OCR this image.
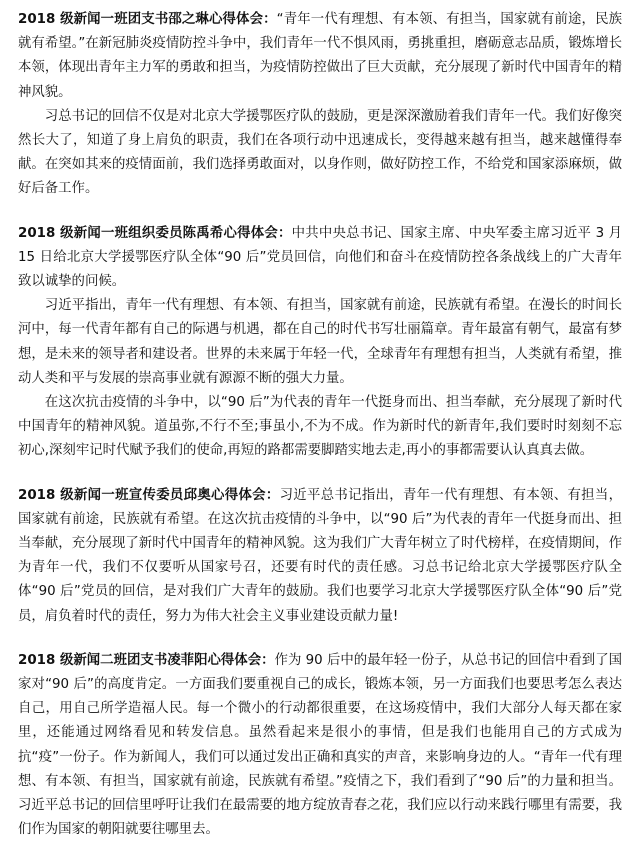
2018 级新闻一班团支书邵之琳心得体会：“青年一代有理想、有本领、有担当，国家就有前途，民族就有希望。”在新冠肺炎疫情防控斗争中，我们青年一代不惧风雨，勇挑重担，磨砺意志品质，锻炼增长本领，体现出青年主力军的勇敢和担当，为疫情防控做出了巨大贡献，充分展现了新时代中国青年的精神风貌。

习总书记的回信不仅是对北京大学援鄂医疗队的鼓励，更是深深激励着我们青年一代。我们好像突然长大了，知道了身上肩负的职责，我们在各项行动中迅速成长，变得越来越有担当，越来越懂得奉献。在突如其来的疫情面前，我们选择勇敢面对，以身作则，做好防控工作，不给党和国家添麻烦，做好后备工作。

2018 级新闻一班组织委员陈禹希心得体会：中共中央总书记、国家主席、中央军委主席习近平 3 月 15 日给北京大学援鄂医疗队全体“90 后”党员回信，向他们和奋斗在疫情防控各条战线上的广大青年致以诚挚的问候。

习近平指出，青年一代有理想、有本领、有担当，国家就有前途，民族就有希望。在漫长的时间长河中，每一代青年都有自己的际遇与机遇，都在自己的时代书写壮丽篇章。青年最富有朝气，最富有梦想，是未来的领导者和建设者。世界的未来属于年轻一代，全球青年有理想有担当，人类就有希望，推动人类和平与发展的崇高事业就有源源不断的强大力量。

在这次抗击疫情的斗争中，以“90 后”为代表的青年一代挺身而出、担当奉献，充分展现了新时代中国青年的精神风貌。道虽弥,不行不至;事虽小,不为不成。作为新时代的新青年,我们要时时刻刻不忘初心,深刻牢记时代赋予我们的使命,再短的路都需要脚踏实地去走,再小的事都需要认认真真去做。

2018 级新闻一班宣传委员邱奥心得体会：习近平总书记指出，青年一代有理想、有本领、有担当，国家就有前途，民族就有希望。在这次抗击疫情的斗争中，以“90 后”为代表的青年一代挺身而出、担当奉献，充分展现了新时代中国青年的精神风貌。这为我们广大青年树立了时代榜样，在疫情期间，作为青年一代，我们不仅要听从国家号召，还要有时代的责任感。习总书记给北京大学援鄂医疗队全体“90 后”党员的回信，是对我们广大青年的鼓励。我们也要学习北京大学援鄂医疗队全体“90 后”党员，肩负着时代的责任，努力为伟大社会主义事业建设贡献力量!

2018 级新闻二班团支书凌菲阳心得体会：作为 90 后中的最年轻一份子，从总书记的回信中看到了国家对“90 后”的高度肯定。一方面我们要重视自己的成长，锻炼本领，另一方面我们也要思考怎么表达自己，用自己所学造福人民。每一个微小的行动都很重要，在这场疫情中，我们大部分人每天都在家里，还能通过网络看见和转发信息。虽然看起来是很小的事情，但是我们也能用自己的方式成为抗“疫”一份子。作为新闻人，我们可以通过发出正确和真实的声音，来影响身边的人。“青年一代有理想、有本领、有担当，国家就有前途，民族就有希望。”疫情之下，我们看到了“90 后”的力量和担当。习近平总书记的回信里呼吁让我们在最需要的地方绽放青春之花，我们应以行动来践行哪里有需要，我们作为国家的朝阳就要往哪里去。
